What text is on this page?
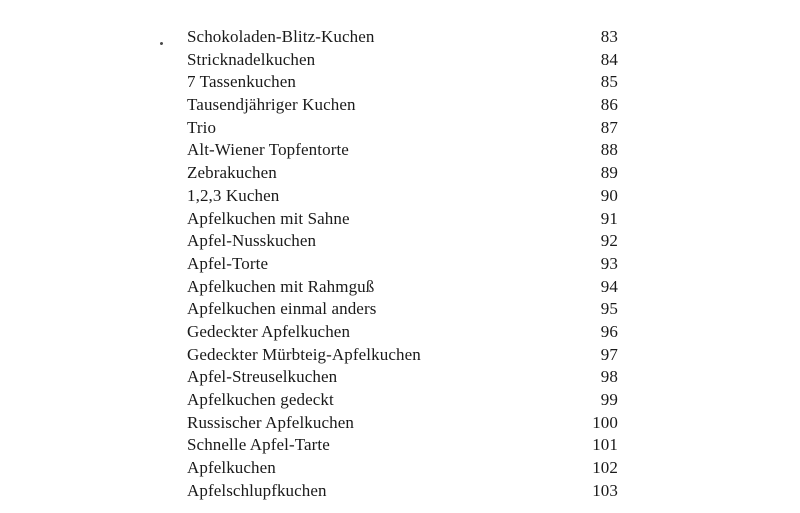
Schokoladen-Blitz-Kuchen	83
Stricknadelkuchen	84
7 Tassenkuchen	85
Tausendjähriger Kuchen	86
Trio	87
Alt-Wiener Topfentorte	88
Zebrakuchen	89
1,2,3 Kuchen	90
Apfelkuchen mit Sahne	91
Apfel-Nusskuchen	92
Apfel-Torte	93
Apfelkuchen mit Rahmguß	94
Apfelkuchen einmal anders	95
Gedeckter Apfelkuchen	96
Gedeckter Mürbteig-Apfelkuchen	97
Apfel-Streuselkuchen	98
Apfelkuchen gedeckt	99
Russischer Apfelkuchen	100
Schnelle Apfel-Tarte	101
Apfelkuchen	102
Apfelschlupfkuchen	103
